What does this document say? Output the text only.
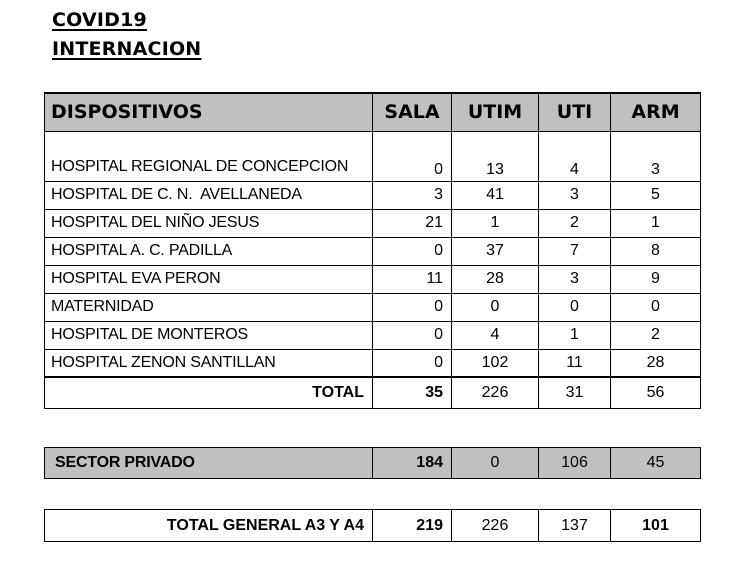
COVID19
INTERNACION
DISPOSITIVOS	SALA	UTIM	UTI	ARM
HOSPITAL REGIONAL DE CONCEPCION	0	13	4	3
HOSPITAL DE C. N.  AVELLANEDA	3	41	3	5
HOSPITAL DEL NIÑO JESUS	21	1	2	1
HOSPITAL A. C. PADILLA	0	37	7	8
HOSPITAL EVA PERON	11	28	3	9
MATERNIDAD	0	0	0	0
HOSPITAL DE MONTEROS	0	4	1	2
HOSPITAL ZENON SANTILLAN	0	102	11	28
TOTAL	35	226	31	56
SECTOR PRIVADO	184	0	106	45
TOTAL GENERAL A3 Y A4	219	226	137	101
